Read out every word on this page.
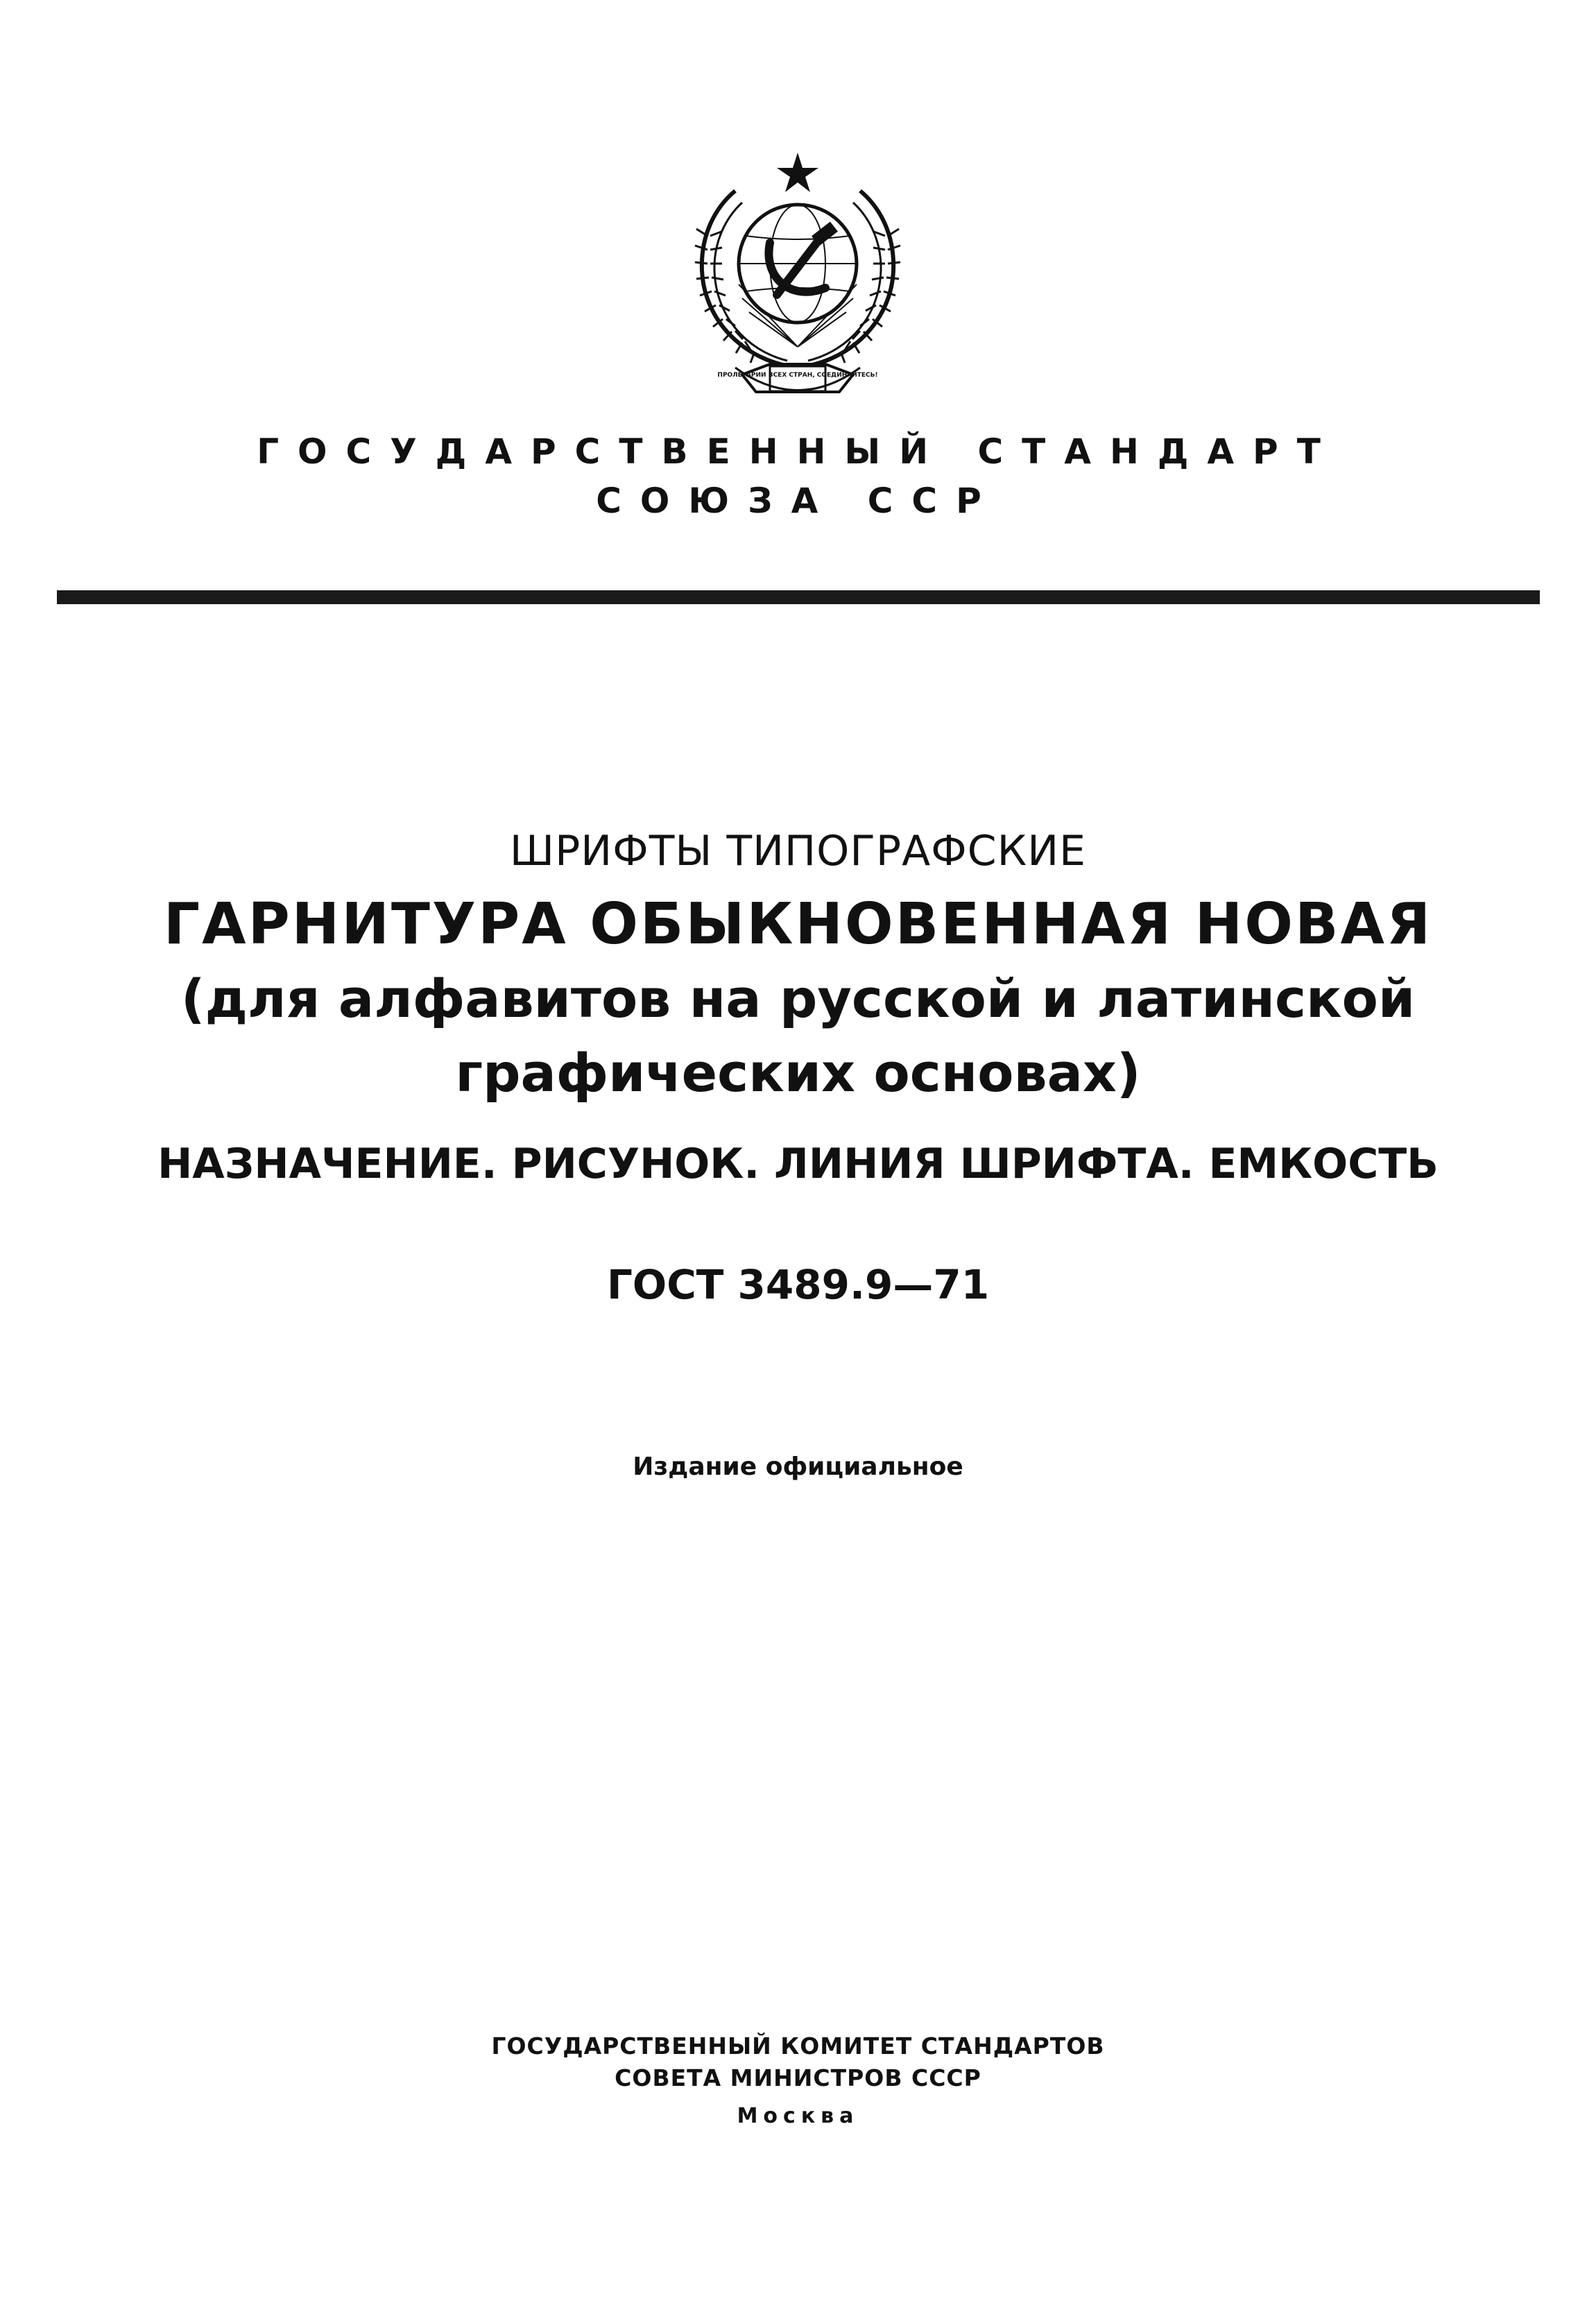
ПРОЛЕТАРИИ ВСЕХ СТРАН, СОЕДИНЯЙТЕСЬ!
ГОСУДАРСТВЕННЫЙ СТАНДАРТ
СОЮЗА ССР
ШРИФТЫ ТИПОГРАФСКИЕ
ГАРНИТУРА ОБЫКНОВЕННАЯ НОВАЯ
(для алфавитов на русской и латинской
графических основах)
НАЗНАЧЕНИЕ. РИСУНОК. ЛИНИЯ ШРИФТА. ЕМКОСТЬ
ГОСТ 3489.9—71
Издание официальное
ГОСУДАРСТВЕННЫЙ КОМИТЕТ СТАНДАРТОВ
СОВЕТА МИНИСТРОВ СССР
Москва
